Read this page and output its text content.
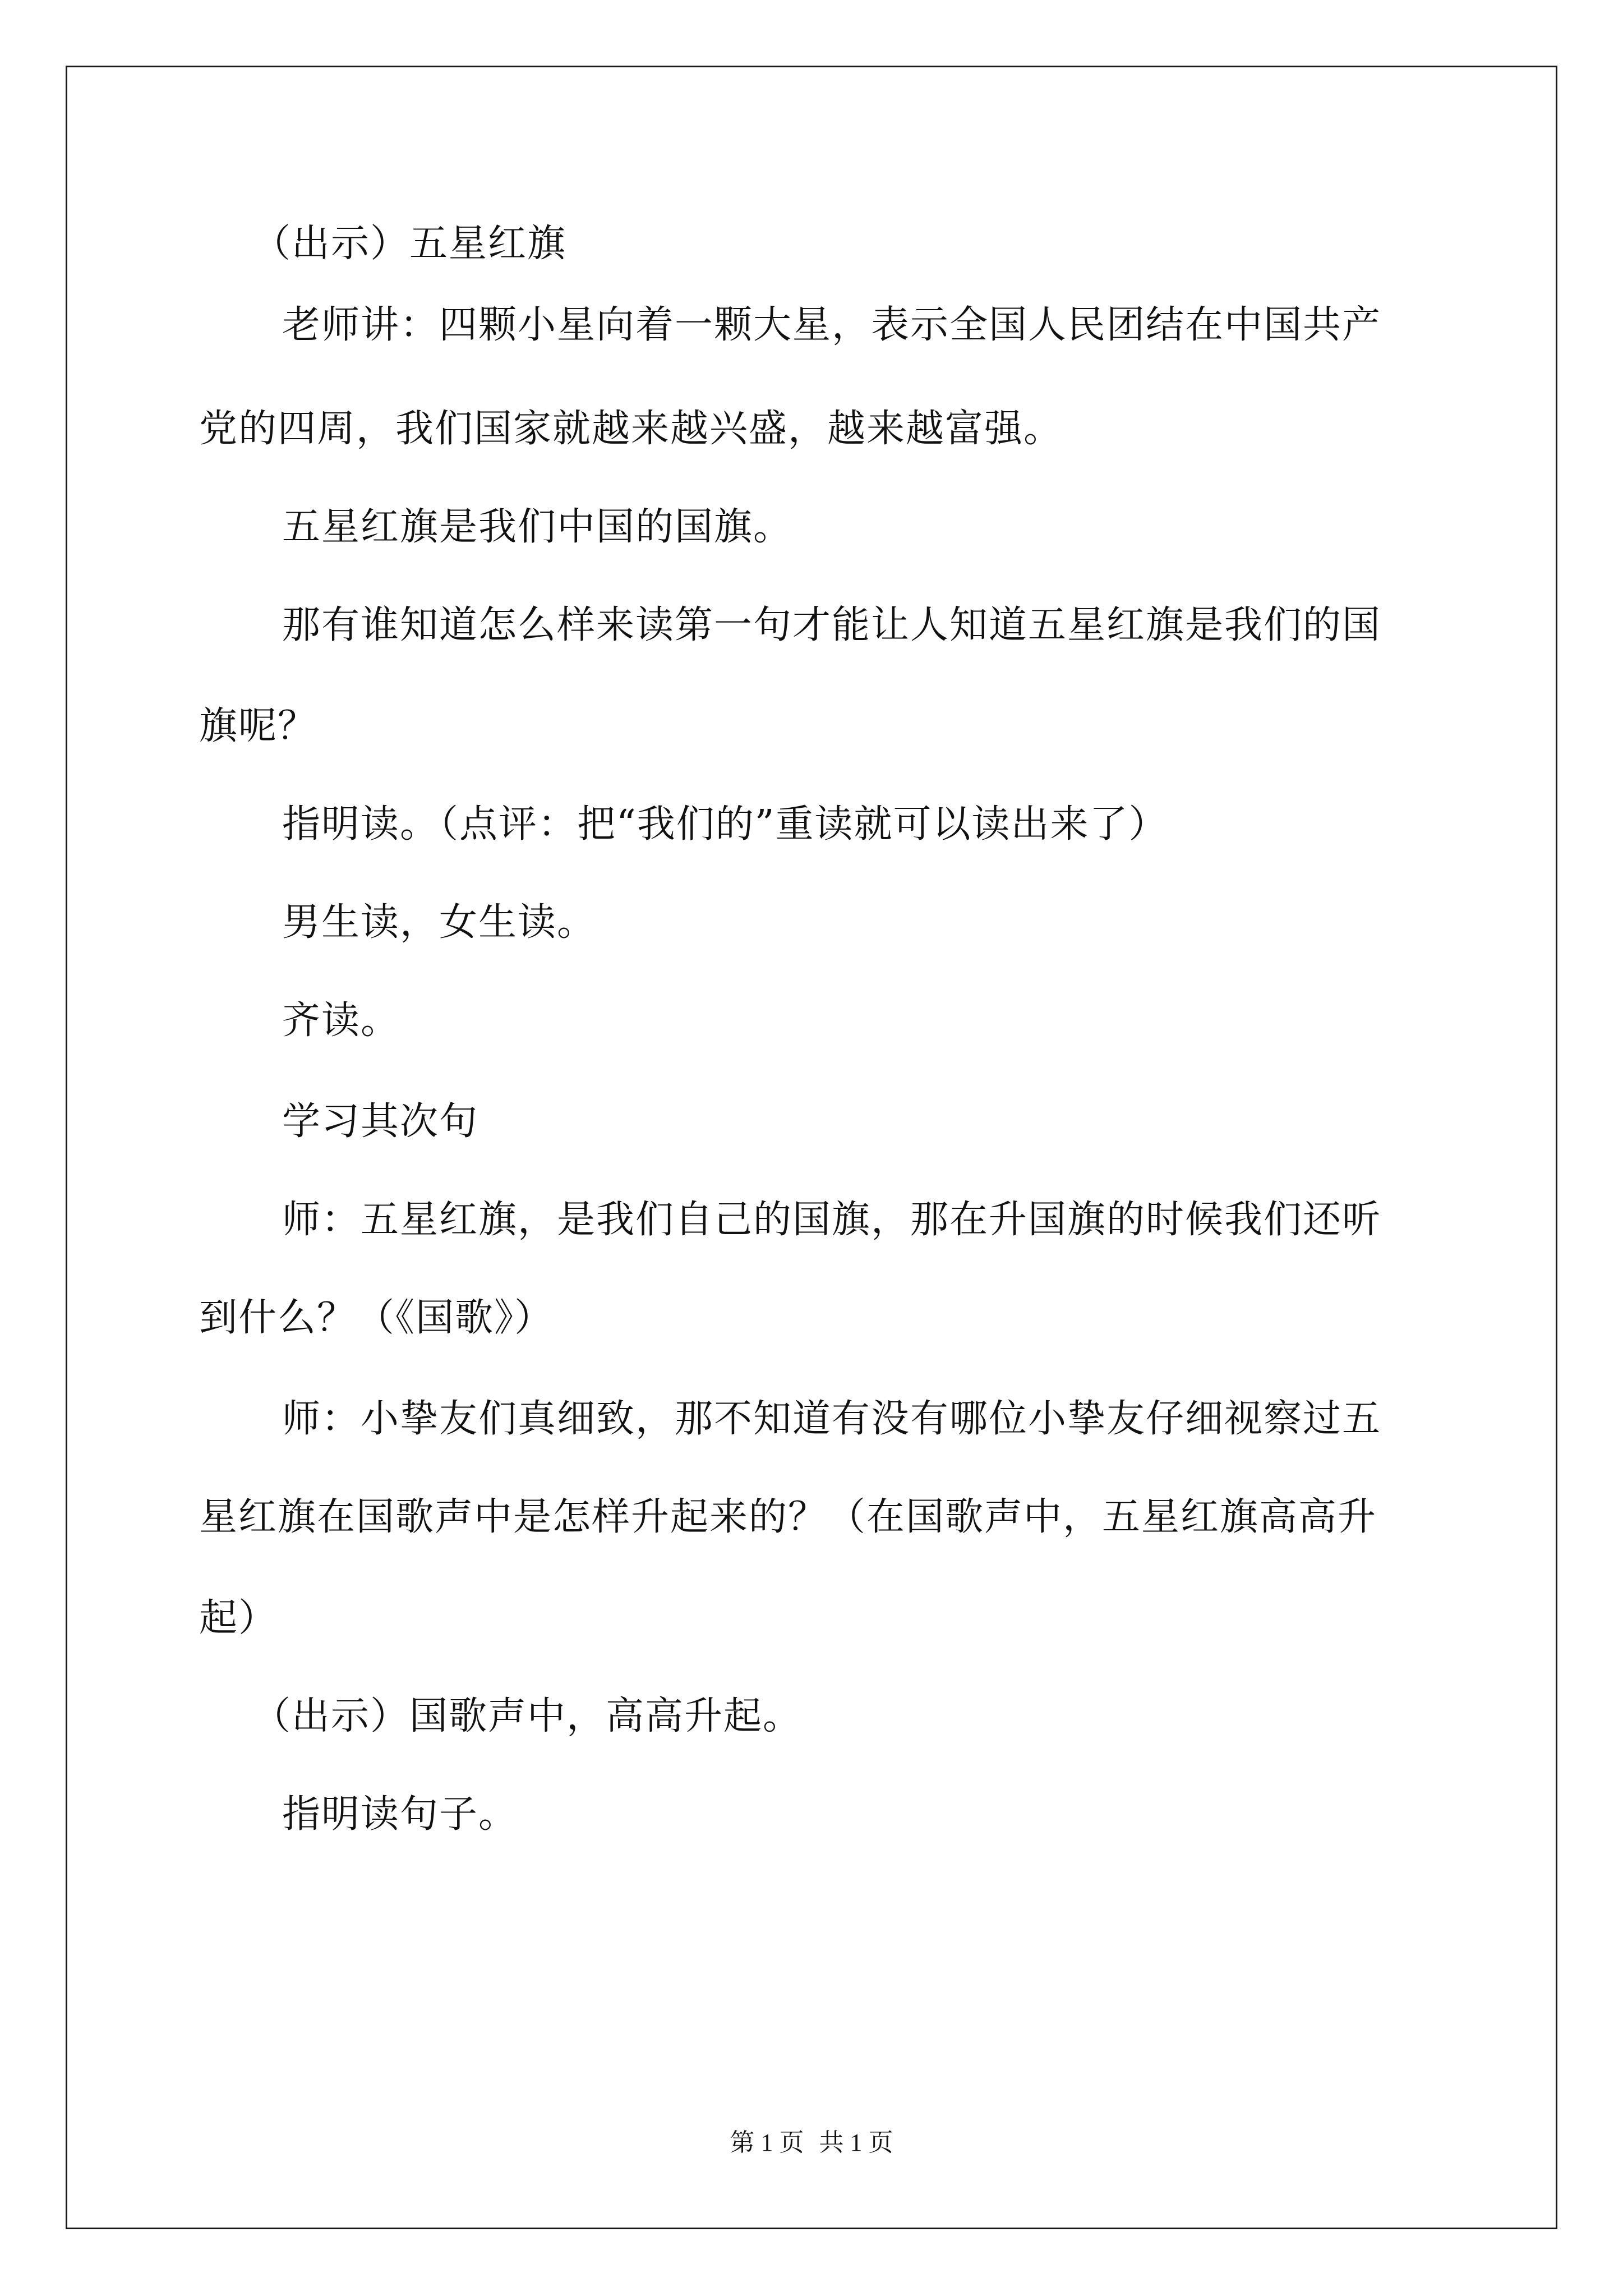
（出示）五星红旗
老师讲：四颗小星向着一颗大星，表示全国人民团结在中国共产
党的四周，我们国家就越来越兴盛，越来越富强。
五星红旗是我们中国的国旗。
那有谁知道怎么样来读第一句才能让人知道五星红旗是我们的国
旗呢？
指明读。（点评：把“我们的”重读就可以读出来了）
男生读，女生读。
齐读。
学习其次句
师：五星红旗，是我们自己的国旗，那在升国旗的时候我们还听
到什么？（《国歌》）
师：小挚友们真细致，那不知道有没有哪位小挚友仔细视察过五
星红旗在国歌声中是怎样升起来的？（在国歌声中，五星红旗高高升
起）
（出示）国歌声中，高高升起。
指明读句子。
第 1 页 共 1 页
